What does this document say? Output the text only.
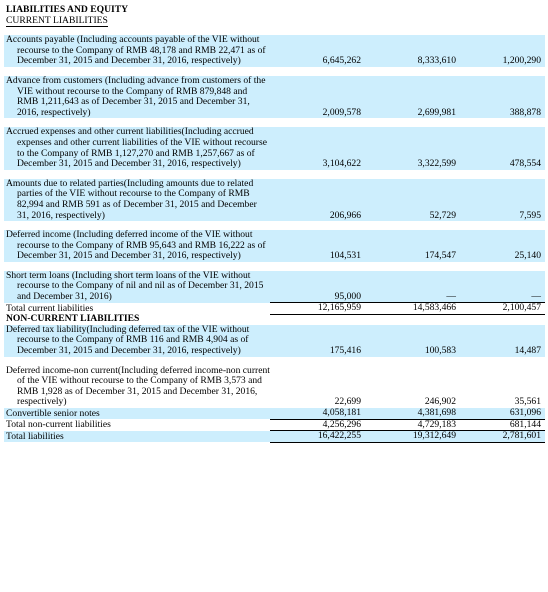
LIABILITIES AND EQUITY			
CURRENT LIABILITIES			

Accounts payable (Including accounts payable of the VIE without recourse to the Company of RMB 48,178 and RMB 22,471 as of December 31, 2015 and December 31, 2016, respectively)	6,645,262	8,333,610	1,200,290

Advance from customers (Including advance from customers of the VIE without recourse to the Company of RMB 879,848 and RMB 1,211,643 as of December 31, 2015 and December 31, 2016, respectively)	2,009,578	2,699,981	388,878

Accrued expenses and other current liabilities(Including accrued expenses and other current liabilities of the VIE without recourse to the Company of RMB 1,127,270 and RMB 1,257,667 as of December 31, 2015 and December 31, 2016, respectively)	3,104,622	3,322,599	478,554

Amounts due to related parties(Including amounts due to related parties of the VIE without recourse to the Company of RMB 82,994 and RMB 591 as of December 31, 2015 and December 31, 2016, respectively)	206,966	52,729	7,595

Deferred income (Including deferred income of the VIE without recourse to the Company of RMB 95,643 and RMB 16,222 as of December 31, 2015 and December 31, 2016, respectively)	104,531	174,547	25,140

Short term loans (Including short term loans of the VIE without recourse to the Company of nil and nil as of December 31, 2015 and December 31, 2016)	95,000	—	—
Total current liabilities	12,165,959	14,583,466	2,100,457
NON-CURRENT LIABILITIES			
Deferred tax liability(Including deferred tax of the VIE without recourse to the Company of RMB 116 and RMB 4,904 as of December 31, 2015 and December 31, 2016, respectively)	175,416	100,583	14,487

Deferred income-non current(Including deferred income-non current of the VIE without recourse to the Company of RMB 3,573 and RMB 1,928 as of December 31, 2015 and December 31, 2016, respectively)	22,699	246,902	35,561
Convertible senior notes	4,058,181	4,381,698	631,096
Total non-current liabilities	4,256,296	4,729,183	681,144
Total liabilities	16,422,255	19,312,649	2,781,601
